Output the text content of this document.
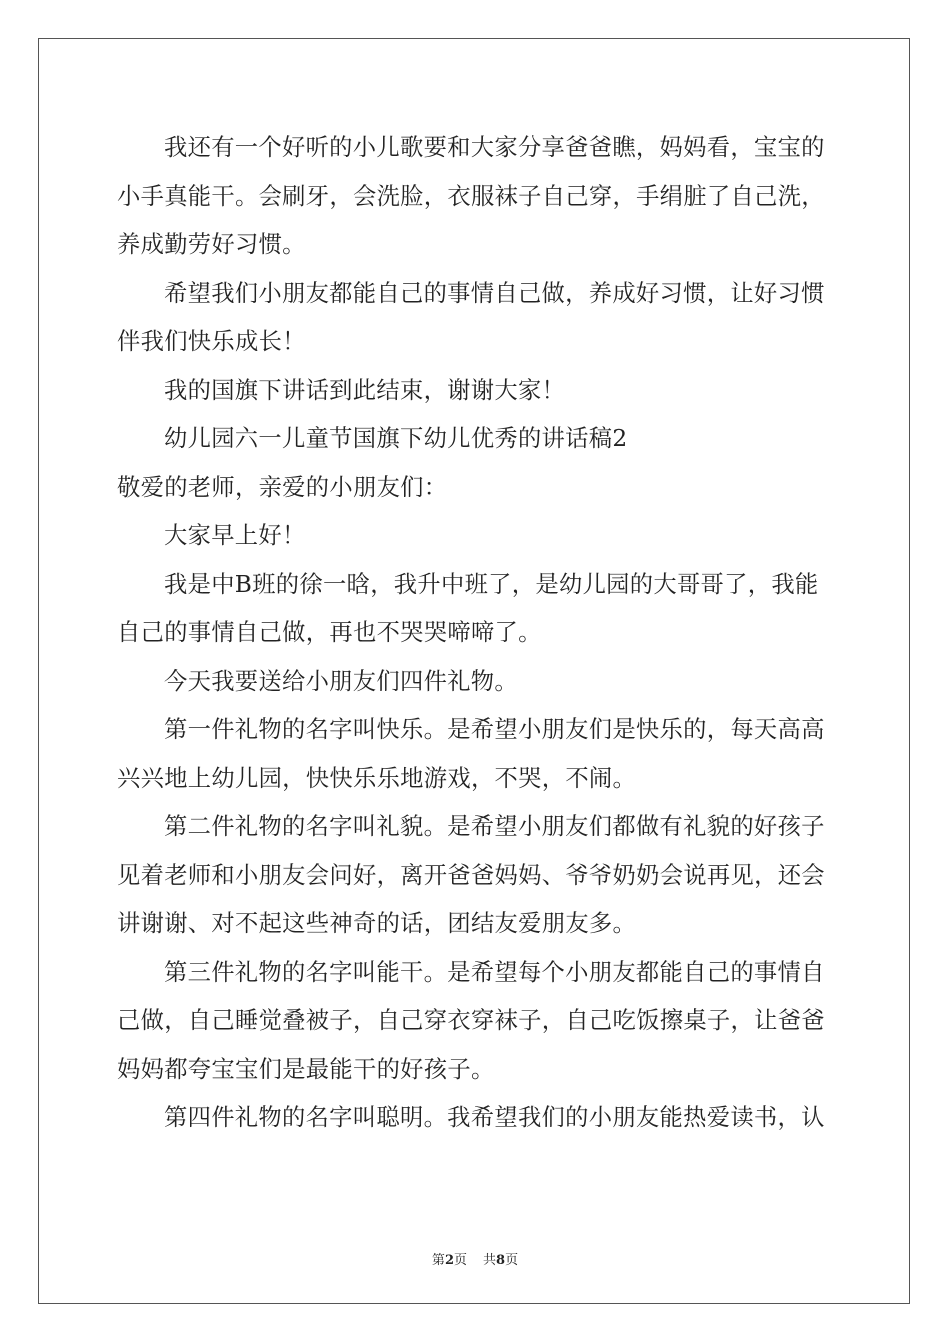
我还有一个好听的小儿歌要和大家分享爸爸瞧，妈妈看，宝宝的

小手真能干。会刷牙，会洗脸，衣服袜子自己穿，手绢脏了自己洗，

养成勤劳好习惯。

希望我们小朋友都能自己的事情自己做，养成好习惯，让好习惯

伴我们快乐成长！

我的国旗下讲话到此结束，谢谢大家！

幼儿园六一儿童节国旗下幼儿优秀的讲话稿2

敬爱的老师，亲爱的小朋友们：

大家早上好！

我是中B班的徐一晗，我升中班了，是幼儿园的大哥哥了，我能

自己的事情自己做，再也不哭哭啼啼了。

今天我要送给小朋友们四件礼物。

第一件礼物的名字叫快乐。是希望小朋友们是快乐的，每天高高

兴兴地上幼儿园，快快乐乐地游戏，不哭，不闹。

第二件礼物的名字叫礼貌。是希望小朋友们都做有礼貌的好孩子

见着老师和小朋友会问好，离开爸爸妈妈、爷爷奶奶会说再见，还会

讲谢谢、对不起这些神奇的话，团结友爱朋友多。

第三件礼物的名字叫能干。是希望每个小朋友都能自己的事情自

己做，自己睡觉叠被子，自己穿衣穿袜子，自己吃饭擦桌子，让爸爸

妈妈都夸宝宝们是最能干的好孩子。

第四件礼物的名字叫聪明。我希望我们的小朋友能热爱读书，认

第2页 共8页
